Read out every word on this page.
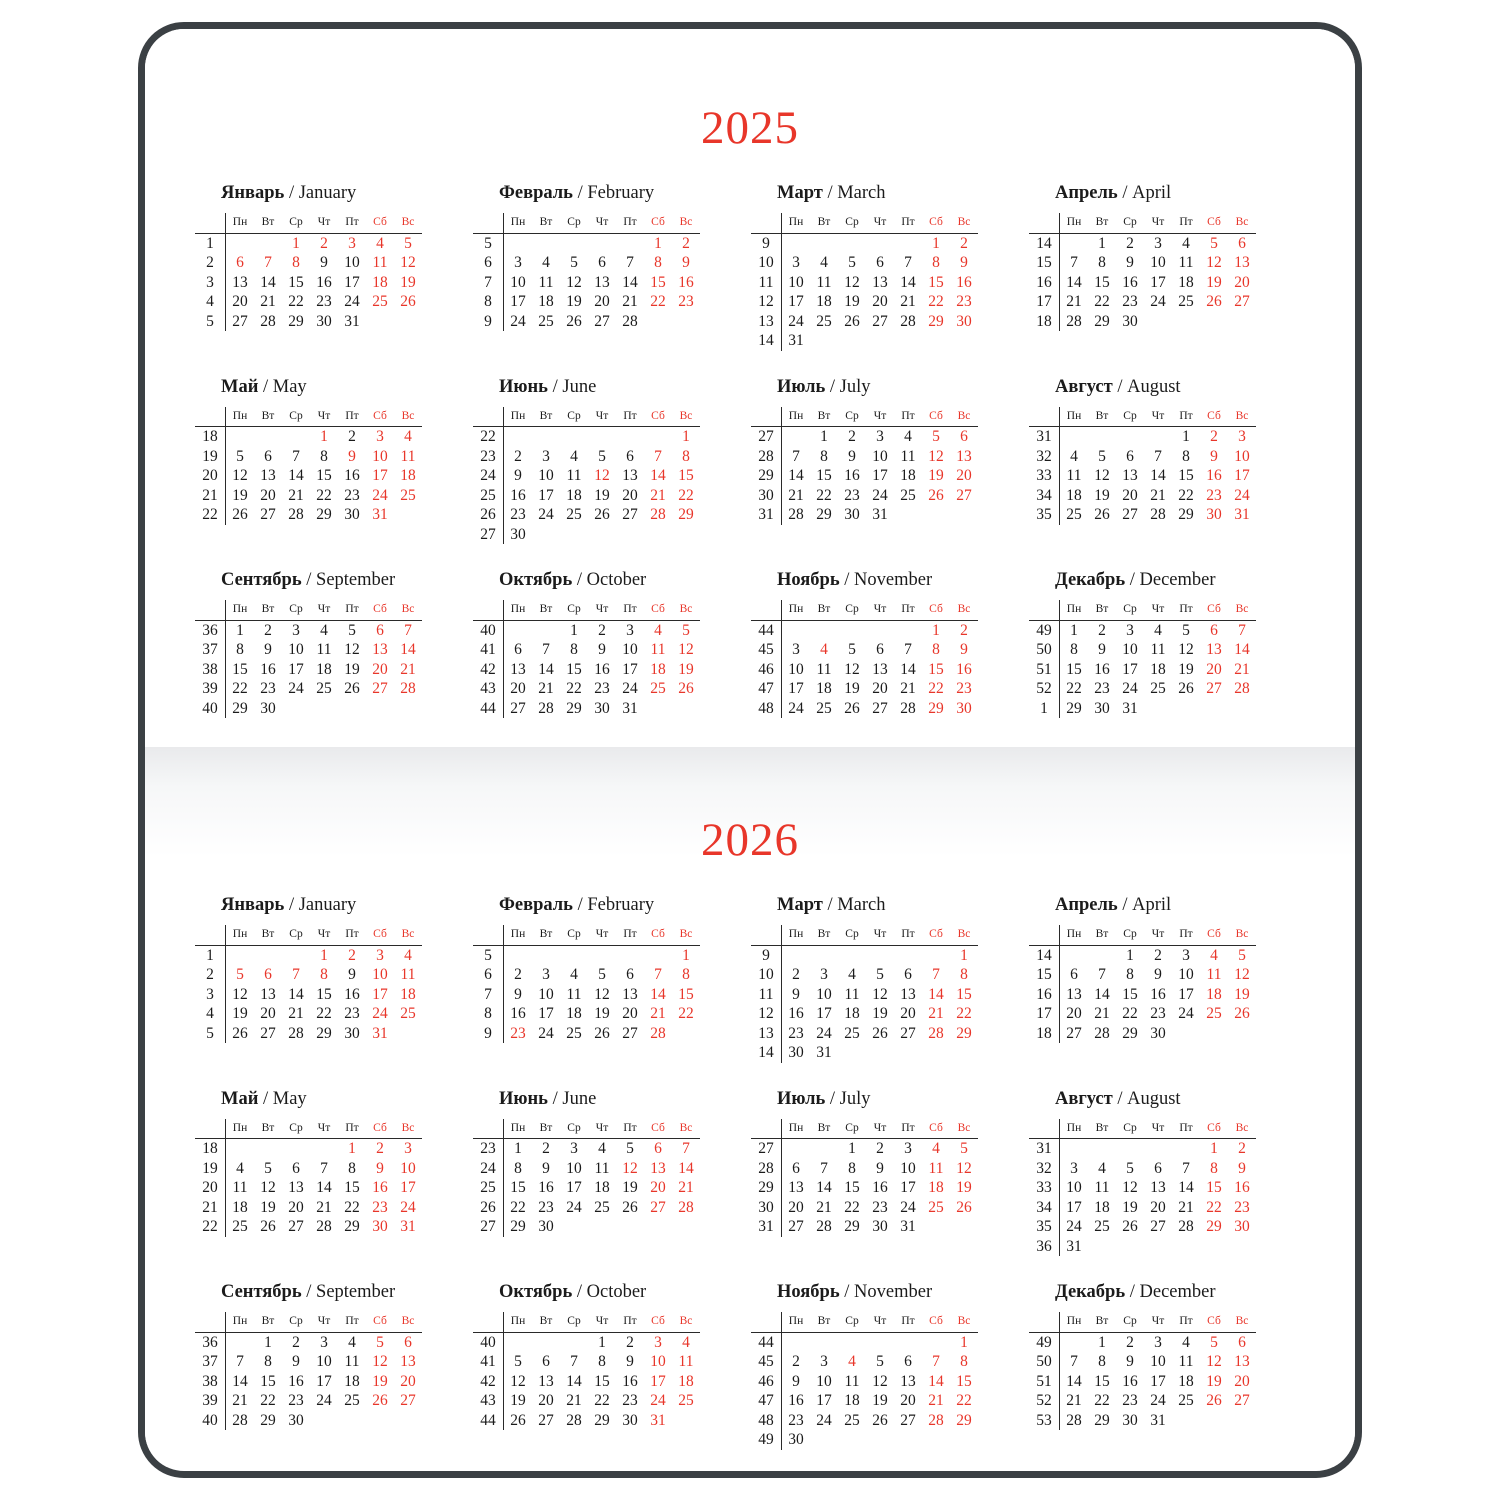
2025
Январь / January
	Пн	Вт	Ср	Чт	Пт	Сб	Вс
1			1	2	3	4	5
2	6	7	8	9	10	11	12
3	13	14	15	16	17	18	19
4	20	21	22	23	24	25	26
5	27	28	29	30	31		
Февраль / February
	Пн	Вт	Ср	Чт	Пт	Сб	Вс
5						1	2
6	3	4	5	6	7	8	9
7	10	11	12	13	14	15	16
8	17	18	19	20	21	22	23
9	24	25	26	27	28		
Март / March
	Пн	Вт	Ср	Чт	Пт	Сб	Вс
9						1	2
10	3	4	5	6	7	8	9
11	10	11	12	13	14	15	16
12	17	18	19	20	21	22	23
13	24	25	26	27	28	29	30
14	31						
Апрель / April
	Пн	Вт	Ср	Чт	Пт	Сб	Вс
14		1	2	3	4	5	6
15	7	8	9	10	11	12	13
16	14	15	16	17	18	19	20
17	21	22	23	24	25	26	27
18	28	29	30				
Май / May
	Пн	Вт	Ср	Чт	Пт	Сб	Вс
18				1	2	3	4
19	5	6	7	8	9	10	11
20	12	13	14	15	16	17	18
21	19	20	21	22	23	24	25
22	26	27	28	29	30	31	
Июнь / June
	Пн	Вт	Ср	Чт	Пт	Сб	Вс
22							1
23	2	3	4	5	6	7	8
24	9	10	11	12	13	14	15
25	16	17	18	19	20	21	22
26	23	24	25	26	27	28	29
27	30						
Июль / July
	Пн	Вт	Ср	Чт	Пт	Сб	Вс
27		1	2	3	4	5	6
28	7	8	9	10	11	12	13
29	14	15	16	17	18	19	20
30	21	22	23	24	25	26	27
31	28	29	30	31			
Август / August
	Пн	Вт	Ср	Чт	Пт	Сб	Вс
31					1	2	3
32	4	5	6	7	8	9	10
33	11	12	13	14	15	16	17
34	18	19	20	21	22	23	24
35	25	26	27	28	29	30	31
Сентябрь / September
	Пн	Вт	Ср	Чт	Пт	Сб	Вс
36	1	2	3	4	5	6	7
37	8	9	10	11	12	13	14
38	15	16	17	18	19	20	21
39	22	23	24	25	26	27	28
40	29	30					
Октябрь / October
	Пн	Вт	Ср	Чт	Пт	Сб	Вс
40			1	2	3	4	5
41	6	7	8	9	10	11	12
42	13	14	15	16	17	18	19
43	20	21	22	23	24	25	26
44	27	28	29	30	31		
Ноябрь / November
	Пн	Вт	Ср	Чт	Пт	Сб	Вс
44						1	2
45	3	4	5	6	7	8	9
46	10	11	12	13	14	15	16
47	17	18	19	20	21	22	23
48	24	25	26	27	28	29	30
Декабрь / December
	Пн	Вт	Ср	Чт	Пт	Сб	Вс
49	1	2	3	4	5	6	7
50	8	9	10	11	12	13	14
51	15	16	17	18	19	20	21
52	22	23	24	25	26	27	28
1	29	30	31				
2026
Январь / January
	Пн	Вт	Ср	Чт	Пт	Сб	Вс
1				1	2	3	4
2	5	6	7	8	9	10	11
3	12	13	14	15	16	17	18
4	19	20	21	22	23	24	25
5	26	27	28	29	30	31	
Февраль / February
	Пн	Вт	Ср	Чт	Пт	Сб	Вс
5							1
6	2	3	4	5	6	7	8
7	9	10	11	12	13	14	15
8	16	17	18	19	20	21	22
9	23	24	25	26	27	28	
Март / March
	Пн	Вт	Ср	Чт	Пт	Сб	Вс
9							1
10	2	3	4	5	6	7	8
11	9	10	11	12	13	14	15
12	16	17	18	19	20	21	22
13	23	24	25	26	27	28	29
14	30	31					
Апрель / April
	Пн	Вт	Ср	Чт	Пт	Сб	Вс
14			1	2	3	4	5
15	6	7	8	9	10	11	12
16	13	14	15	16	17	18	19
17	20	21	22	23	24	25	26
18	27	28	29	30			
Май / May
	Пн	Вт	Ср	Чт	Пт	Сб	Вс
18					1	2	3
19	4	5	6	7	8	9	10
20	11	12	13	14	15	16	17
21	18	19	20	21	22	23	24
22	25	26	27	28	29	30	31
Июнь / June
	Пн	Вт	Ср	Чт	Пт	Сб	Вс
23	1	2	3	4	5	6	7
24	8	9	10	11	12	13	14
25	15	16	17	18	19	20	21
26	22	23	24	25	26	27	28
27	29	30					
Июль / July
	Пн	Вт	Ср	Чт	Пт	Сб	Вс
27			1	2	3	4	5
28	6	7	8	9	10	11	12
29	13	14	15	16	17	18	19
30	20	21	22	23	24	25	26
31	27	28	29	30	31		
Август / August
	Пн	Вт	Ср	Чт	Пт	Сб	Вс
31						1	2
32	3	4	5	6	7	8	9
33	10	11	12	13	14	15	16
34	17	18	19	20	21	22	23
35	24	25	26	27	28	29	30
36	31						
Сентябрь / September
	Пн	Вт	Ср	Чт	Пт	Сб	Вс
36		1	2	3	4	5	6
37	7	8	9	10	11	12	13
38	14	15	16	17	18	19	20
39	21	22	23	24	25	26	27
40	28	29	30				
Октябрь / October
	Пн	Вт	Ср	Чт	Пт	Сб	Вс
40				1	2	3	4
41	5	6	7	8	9	10	11
42	12	13	14	15	16	17	18
43	19	20	21	22	23	24	25
44	26	27	28	29	30	31	
Ноябрь / November
	Пн	Вт	Ср	Чт	Пт	Сб	Вс
44							1
45	2	3	4	5	6	7	8
46	9	10	11	12	13	14	15
47	16	17	18	19	20	21	22
48	23	24	25	26	27	28	29
49	30						
Декабрь / December
	Пн	Вт	Ср	Чт	Пт	Сб	Вс
49		1	2	3	4	5	6
50	7	8	9	10	11	12	13
51	14	15	16	17	18	19	20
52	21	22	23	24	25	26	27
53	28	29	30	31			
